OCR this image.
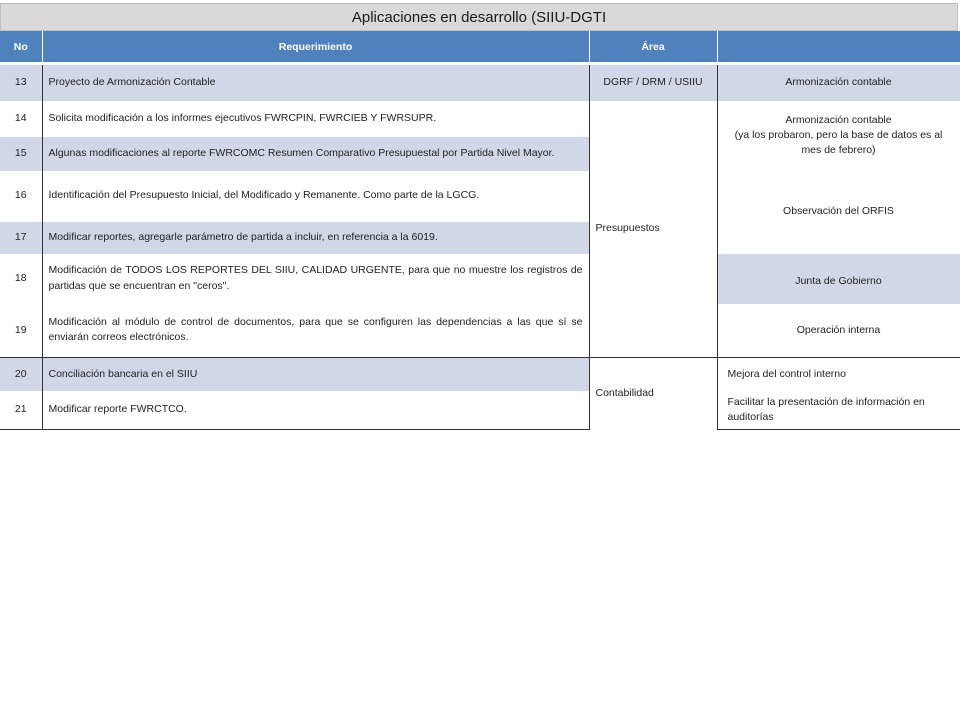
Aplicaciones en desarrollo (SIIU-DGTI
No	Requerimiento	Área	
13	Proyecto de Armonización Contable	DGRF / DRM / USIIU	Armonización contable
14	Solicita modificación a los informes ejecutivos FWRCPIN, FWRCIEB Y FWRSUPR.	Presupuestos	Armonización contable
(ya los probaron, pero la base de datos es al mes de febrero)
15	Algunas modificaciones al reporte FWRCOMC Resumen Comparativo Presupuestal por Partida Nivel Mayor.		
16	Identificación del Presupuesto Inicial, del Modificado y Remanente. Como parte de la LGCG.		Observación del ORFIS
17	Modificar reportes, agregarle parámetro de partida a incluir, en referencia a la 6019.		
18	Modificación de TODOS LOS REPORTES DEL SIIU, CALIDAD URGENTE, para que no muestre los registros de partidas que se encuentran en "ceros".		Junta de Gobierno
19	Modificación al módulo de control de documentos, para que se configuren las dependencias a las que sí se enviarán correos electrónicos.		Operación interna
20	Conciliación bancaria en el SIIU	Contabilidad	Mejora del control interno
21	Modificar reporte FWRCTCO.		Facilitar la presentación de información en auditorías
